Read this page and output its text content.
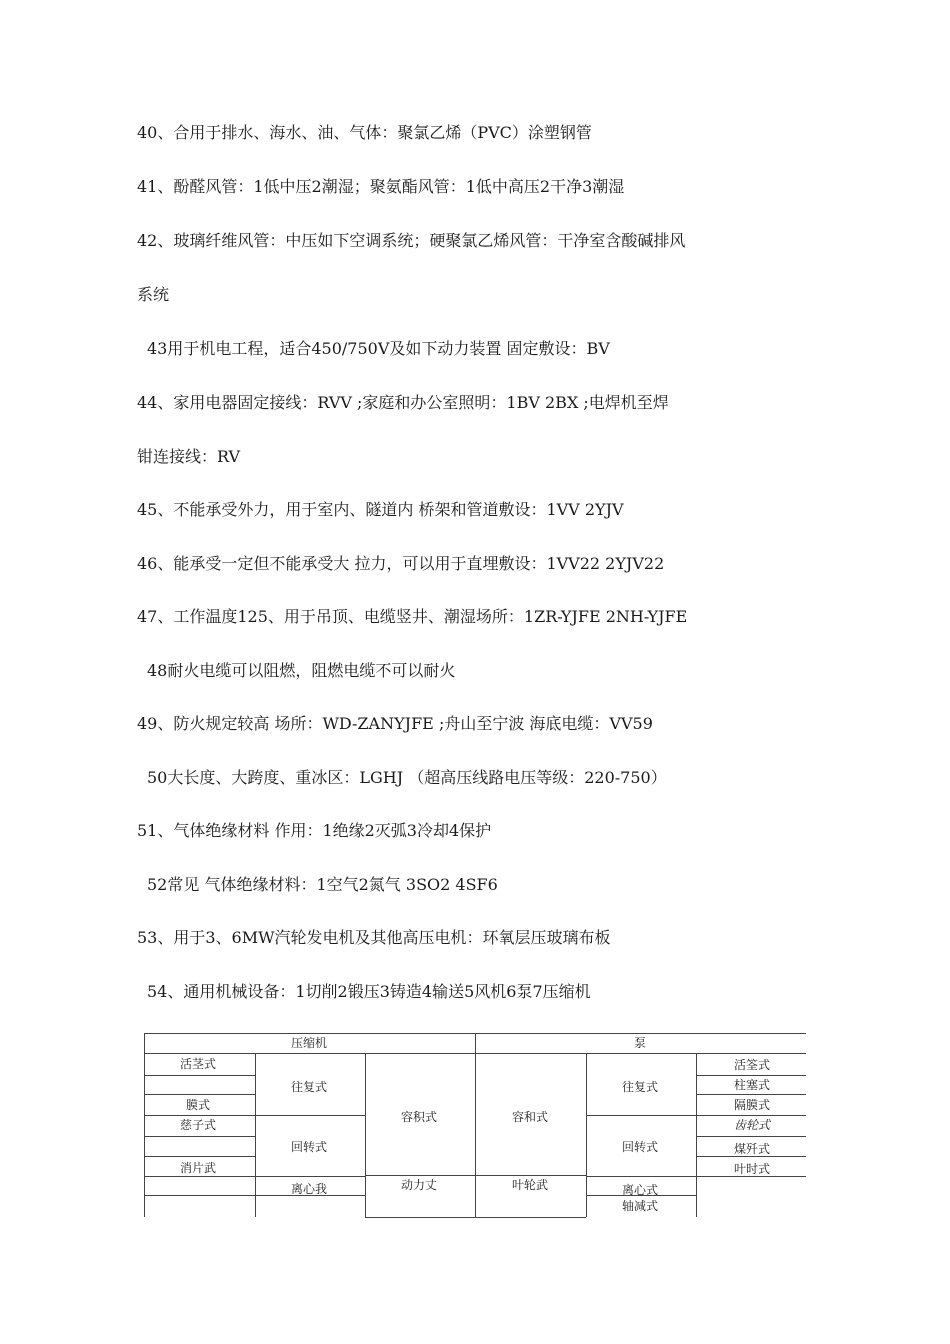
40、合用于排水、海水、油、气体：聚氯乙烯（PVC）涂塑钢管
41、酚醛风管：1低中压2潮湿；聚氨酯风管：1低中高压2干净3潮湿
42、玻璃纤维风管：中压如下空调系统；硬聚氯乙烯风管：干净室含酸碱排风
系统
43用于机电工程，适合450/750V及如下动力装置 固定敷设：BV
44、家用电器固定接线：RVV ;家庭和办公室照明：1BV 2BX ;电焊机至焊
钳连接线：RV
45、不能承受外力，用于室内、隧道内 桥架和管道敷设：1VV 2YJV
46、能承受一定但不能承受大 拉力，可以用于直埋敷设：1VV22 2YJV22
47、工作温度125、用于吊顶、电缆竖井、潮湿场所：1ZR-YJFE 2NH-YJFE
48耐火电缆可以阻燃，阻燃电缆不可以耐火
49、防火规定较高 场所：WD-ZANYJFE ;舟山至宁波 海底电缆：VV59
50大长度、大跨度、重冰区：LGHJ （超高压线路电压等级：220-750）
51、气体绝缘材料 作用：1绝缘2灭弧3冷却4保护
52常见 气体绝缘材料：1空气2氮气 3SO2 4SF6
53、用于3、6MW汽轮发电机及其他高压电机：环氧层压玻璃布板
54、通用机械设备：1切削2锻压3铸造4输送5风机6泵7压缩机
压缩机	泵
活茎式
膜式
慈子式
消片武
往复式
回转式
离心我
容积式
动力丈
容和式
叶轮武
往复式
回转式
离心式
轴减式
活筌式
柱塞式
隔膜式
齿轮式
煤歼式
叶时式
